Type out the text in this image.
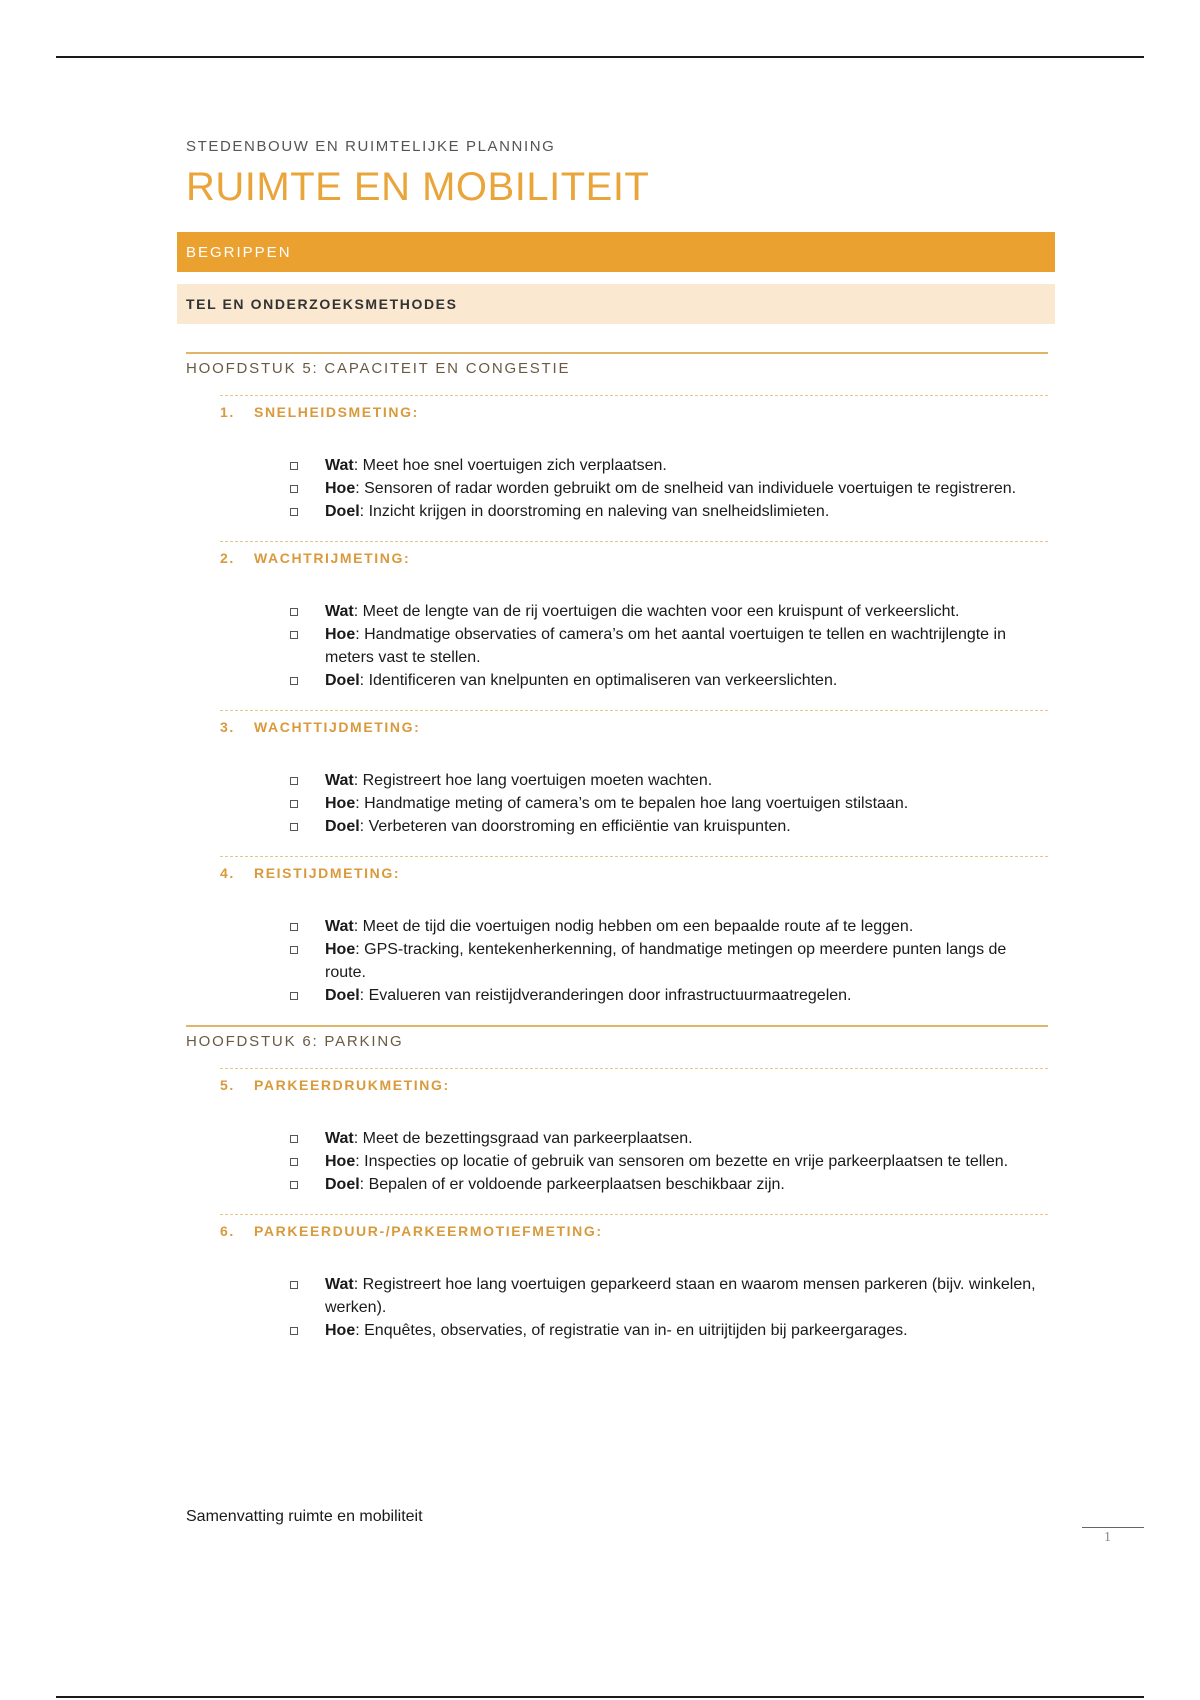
STEDENBOUW EN RUIMTELIJKE PLANNING

RUIMTE EN MOBILITEIT
BEGRIPPEN
TEL EN ONDERZOEKSMETHODES

HOOFDSTUK 5: CAPACITEIT EN CONGESTIE

1. SNELHEIDSMETING:

Wat: Meet hoe snel voertuigen zich verplaatsen.
Hoe: Sensoren of radar worden gebruikt om de snelheid van individuele voertuigen te registreren.
Doel: Inzicht krijgen in doorstroming en naleving van snelheidslimieten.

2. WACHTRIJMETING:

Wat: Meet de lengte van de rij voertuigen die wachten voor een kruispunt of verkeerslicht.
Hoe: Handmatige observaties of camera’s om het aantal voertuigen te tellen en wachtrijlengte in meters vast te stellen.
Doel: Identificeren van knelpunten en optimaliseren van verkeerslichten.

3. WACHTTIJDMETING:

Wat: Registreert hoe lang voertuigen moeten wachten.
Hoe: Handmatige meting of camera’s om te bepalen hoe lang voertuigen stilstaan.
Doel: Verbeteren van doorstroming en efficiëntie van kruispunten.

4. REISTIJDMETING:

Wat: Meet de tijd die voertuigen nodig hebben om een bepaalde route af te leggen.
Hoe: GPS-tracking, kentekenherkenning, of handmatige metingen op meerdere punten langs de route.
Doel: Evalueren van reistijdveranderingen door infrastructuurmaatregelen.

HOOFDSTUK 6: PARKING

5. PARKEERDRUKMETING:

Wat: Meet de bezettingsgraad van parkeerplaatsen.
Hoe: Inspecties op locatie of gebruik van sensoren om bezette en vrije parkeerplaatsen te tellen.
Doel: Bepalen of er voldoende parkeerplaatsen beschikbaar zijn.

6. PARKEERDUUR-/PARKEERMOTIEFMETING:

Wat: Registreert hoe lang voertuigen geparkeerd staan en waarom mensen parkeren (bijv. winkelen, werken).
Hoe: Enquêtes, observaties, of registratie van in- en uitrijtijden bij parkeergarages.
Samenvatting ruimte en mobiliteit
1
